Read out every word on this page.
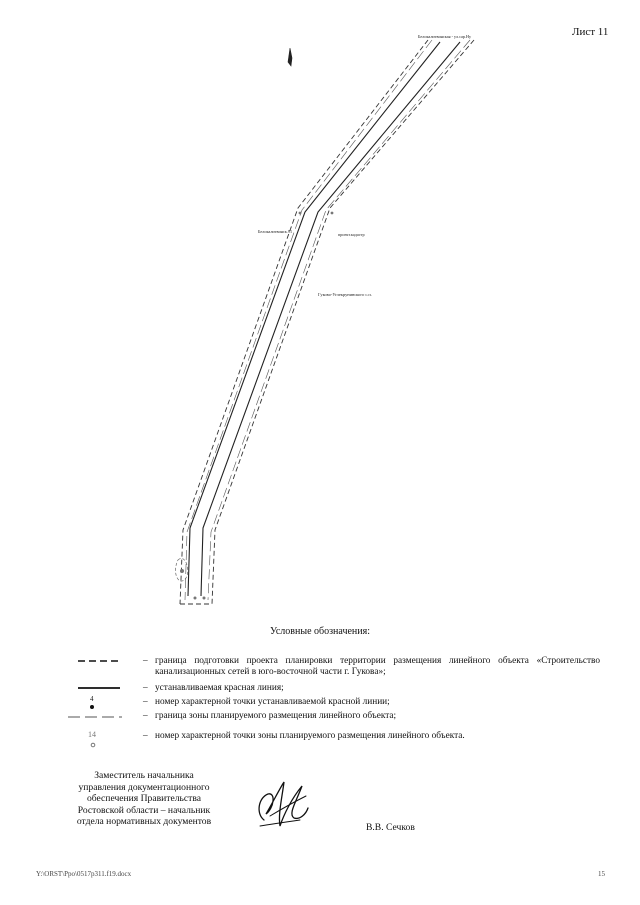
Лист 11
Белокалитвинская - ул.сар.Ну
Белокалитвинск.91
проект.кадастр
Гуково-Углекрунинского с.п.
Условные обозначения:
– граница подготовки проекта планировки территории размещения линейного объекта «Строительство канализационных сетей в юго-восточной части г. Гукова»;
– устанавливаемая красная линия;
4	– номер характерной точки устанавливаемой красной линии;
– граница зоны планируемого размещения линейного объекта;
14	– номер характерной точки зоны планируемого размещения линейного объекта.
Заместитель начальника
управления документационного
обеспечения Правительства
Ростовской области – начальник
отдела нормативных документов
В.В. Сечков
Y:\ORST\Ppo\0517p311.f19.docx	15
